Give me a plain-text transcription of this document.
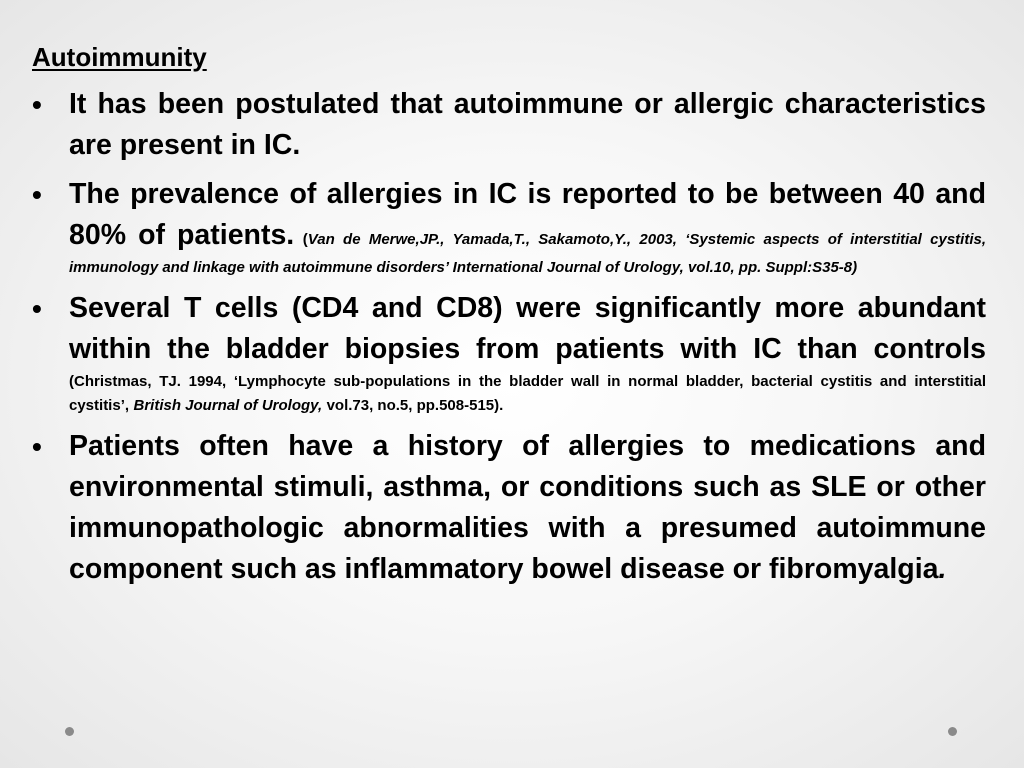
Autoimmunity
• It has been postulated that autoimmune or allergic characteristics are present in IC.
• The prevalence of allergies in IC is reported to be between 40 and 80% of patients. (Van de Merwe,JP., Yamada,T., Sakamoto,Y., 2003, ‘Systemic aspects of interstitial cystitis, immunology and linkage with autoimmune disorders’ International Journal of Urology, vol.10, pp. Suppl:S35-8)
• Several T cells (CD4 and CD8) were significantly more abundant within the bladder biopsies from patients with IC than controls (Christmas, TJ. 1994, ‘Lymphocyte sub-populations in the bladder wall in normal bladder, bacterial cystitis and interstitial cystitis’, British Journal of Urology, vol.73, no.5, pp.508-515).
• Patients often have a history of allergies to medications and environmental stimuli, asthma, or conditions such as SLE or other immunopathologic abnormalities with a presumed autoimmune component such as inflammatory bowel disease or fibromyalgia.
